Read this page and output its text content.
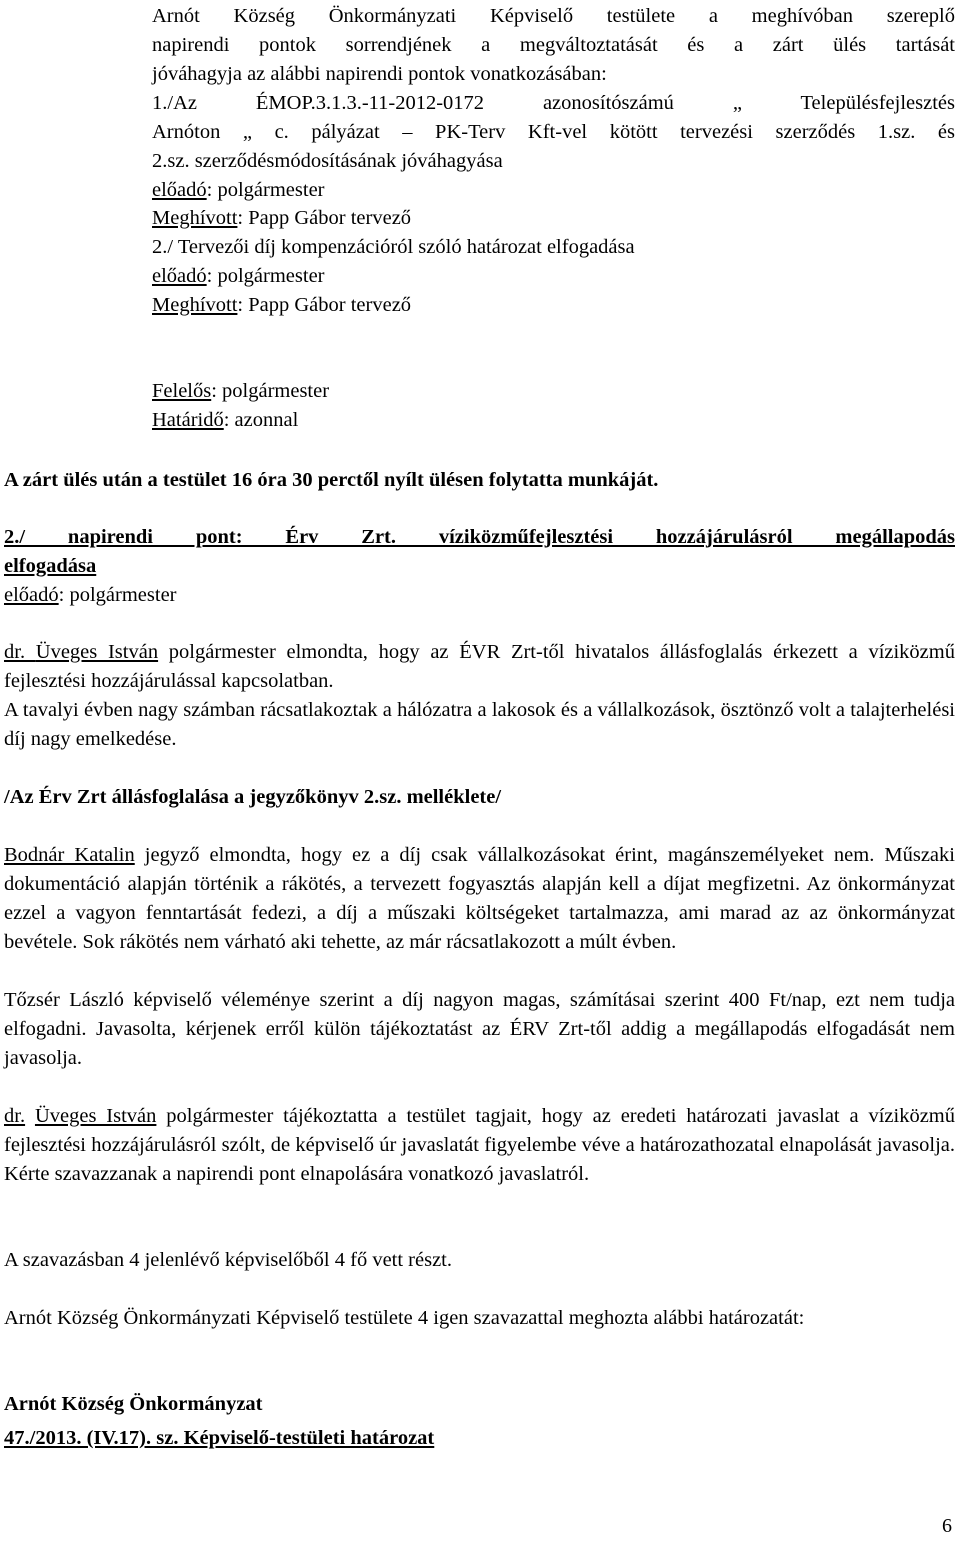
Arnót Község Önkormányzati Képviselő testülete a meghívóban szereplő
napirendi pontok sorrendjének a megváltoztatását és a zárt ülés tartását
jóváhagyja az alábbi napirendi pontok vonatkozásában:
1./Az ÉMOP.3.1.3.-11-2012-0172 azonosítószámú „ Településfejlesztés
Arnóton „ c. pályázat – PK-Terv Kft-vel kötött tervezési szerződés 1.sz. és
2.sz. szerződésmódosításának jóváhagyása
előadó: polgármester
Meghívott: Papp Gábor tervező
2./ Tervezői díj kompenzációról szóló határozat elfogadása
előadó: polgármester
Meghívott: Papp Gábor tervező
Felelős: polgármester
Határidő: azonnal
A zárt ülés után a testület 16 óra 30 perctől nyílt ülésen folytatta munkáját.
2./ napirendi pont: Érv Zrt. víziközműfejlesztési hozzájárulásról megállapodás
elfogadása
előadó: polgármester
dr. Üveges István polgármester elmondta, hogy az ÉVR Zrt-től hivatalos állásfoglalás érkezett a víziközmű fejlesztési hozzájárulással kapcsolatban.
A tavalyi évben nagy számban rácsatlakoztak a hálózatra a lakosok és a vállalkozások, ösztönző volt a talajterhelési díj nagy emelkedése.
/Az Érv Zrt állásfoglalása a jegyzőkönyv 2.sz. melléklete/
Bodnár Katalin jegyző elmondta, hogy ez a díj csak vállalkozásokat érint, magánszemélyeket nem. Műszaki dokumentáció alapján történik a rákötés, a tervezett fogyasztás alapján kell a díjat megfizetni. Az önkormányzat ezzel a vagyon fenntartását fedezi, a díj a műszaki költségeket tartalmazza, ami marad az az önkormányzat bevétele. Sok rákötés nem várható aki tehette, az már rácsatlakozott a múlt évben.
Tőzsér László képviselő véleménye szerint a díj nagyon magas, számításai szerint 400 Ft/nap, ezt nem tudja elfogadni. Javasolta, kérjenek erről külön tájékoztatást az ÉRV Zrt-től addig a megállapodás elfogadását nem javasolja.
dr. Üveges István polgármester tájékoztatta a testület tagjait, hogy az eredeti határozati javaslat a víziközmű fejlesztési hozzájárulásról szólt, de képviselő úr javaslatát figyelembe véve a határozathozatal elnapolását javasolja. Kérte szavazzanak a napirendi pont elnapolására vonatkozó javaslatról.
A szavazásban 4 jelenlévő képviselőből 4 fő vett részt.
Arnót Község Önkormányzati Képviselő testülete 4 igen szavazattal meghozta alábbi határozatát:
Arnót Község Önkormányzat
47./2013. (IV.17). sz. Képviselő-testületi határozat
6
